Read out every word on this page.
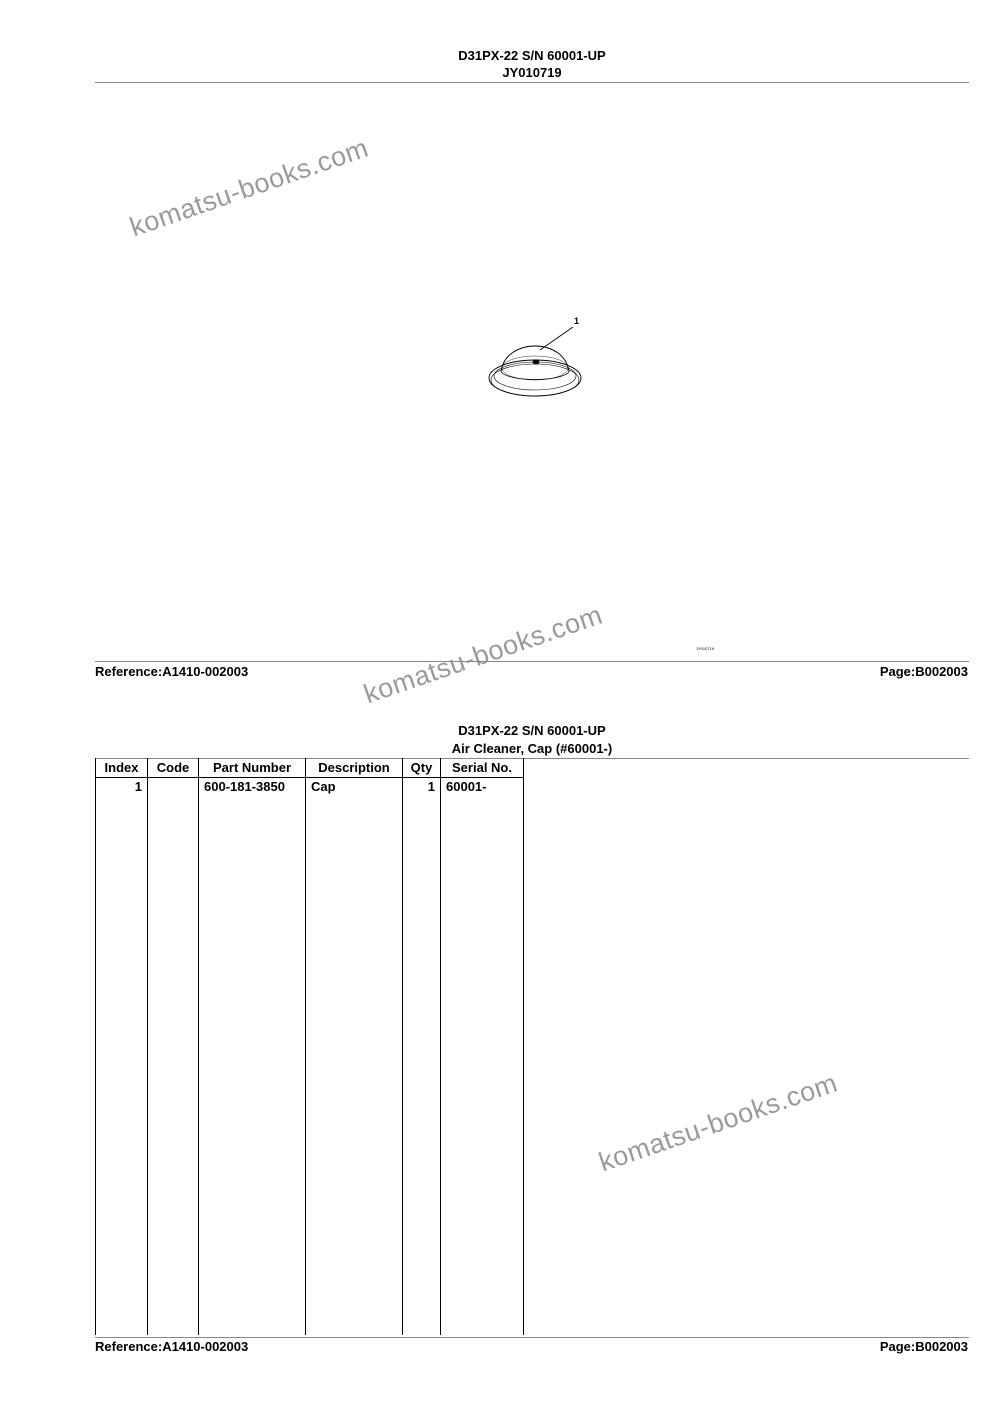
D31PX-22 S/N 60001-UP
JY010719
komatsu-books.com
komatsu-books.com
komatsu-books.com
1
JY010719
Reference:A1410-002003	Page:B002003
D31PX-22 S/N 60001-UP
Air Cleaner, Cap (#60001-)
Index	Code	Part Number	Description	Qty	Serial No.
1		600-181-3850	Cap	1	60001-
Reference:A1410-002003	Page:B002003
